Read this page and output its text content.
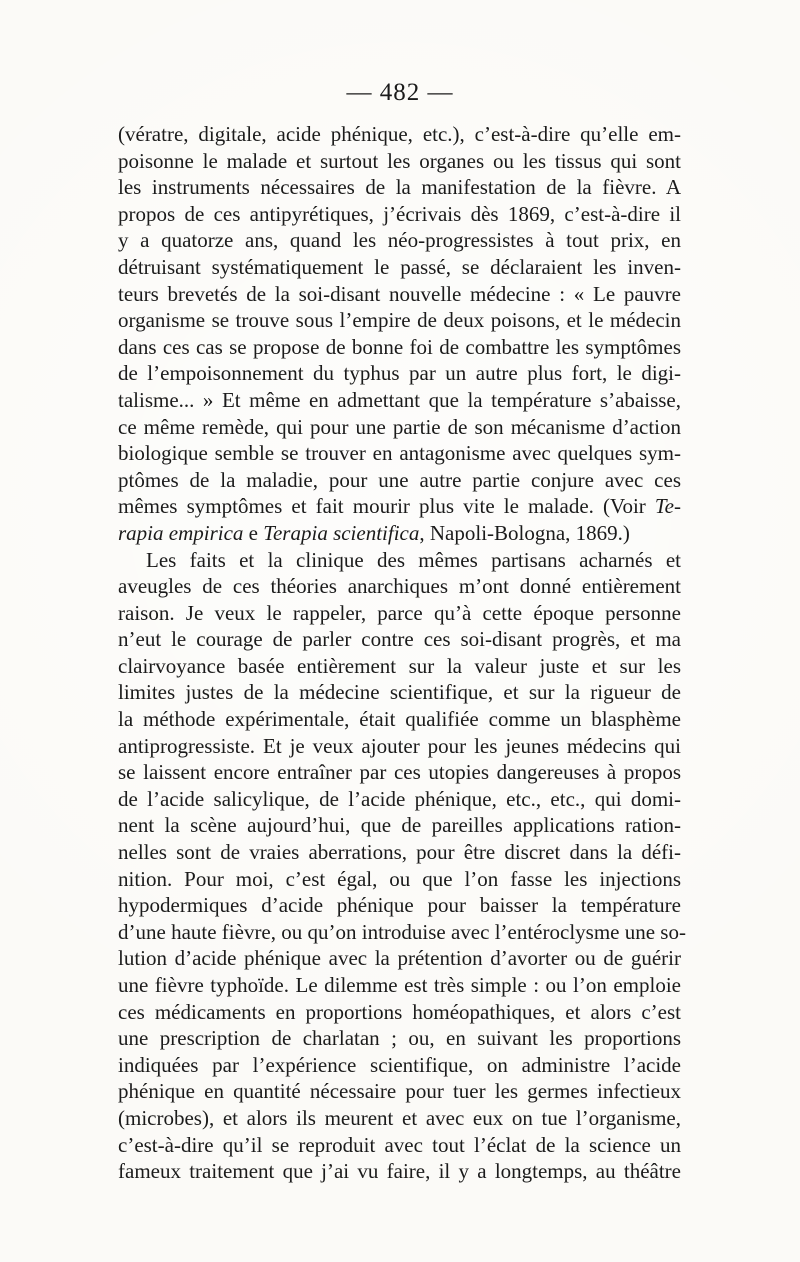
— 482 —
(vératre, digitale, acide phénique, etc.), c’est-à-dire qu’elle em-
poisonne le malade et surtout les organes ou les tissus qui sont
les instruments nécessaires de la manifestation de la fièvre. A
propos de ces antipyrétiques, j’écrivais dès 1869, c’est-à-dire il
y a quatorze ans, quand les néo-progressistes à tout prix, en
détruisant systématiquement le passé, se déclaraient les inven-
teurs brevetés de la soi-disant nouvelle médecine : « Le pauvre
organisme se trouve sous l’empire de deux poisons, et le médecin
dans ces cas se propose de bonne foi de combattre les symptômes
de l’empoisonnement du typhus par un autre plus fort, le digi-
talisme... » Et même en admettant que la température s’abaisse,
ce même remède, qui pour une partie de son mécanisme d’action
biologique semble se trouver en antagonisme avec quelques sym-
ptômes de la maladie, pour une autre partie conjure avec ces
mêmes symptômes et fait mourir plus vite le malade. (Voir Te-
rapia empirica e Terapia scientifica, Napoli-Bologna, 1869.)
Les faits et la clinique des mêmes partisans acharnés et
aveugles de ces théories anarchiques m’ont donné entièrement
raison. Je veux le rappeler, parce qu’à cette époque personne
n’eut le courage de parler contre ces soi-disant progrès, et ma
clairvoyance basée entièrement sur la valeur juste et sur les
limites justes de la médecine scientifique, et sur la rigueur de
la méthode expérimentale, était qualifiée comme un blasphème
antiprogressiste. Et je veux ajouter pour les jeunes médecins qui
se laissent encore entraîner par ces utopies dangereuses à propos
de l’acide salicylique, de l’acide phénique, etc., etc., qui domi-
nent la scène aujourd’hui, que de pareilles applications ration-
nelles sont de vraies aberrations, pour être discret dans la défi-
nition. Pour moi, c’est égal, ou que l’on fasse les injections
hypodermiques d’acide phénique pour baisser la température
d’une haute fièvre, ou qu’on introduise avec l’entéroclysme une so-
lution d’acide phénique avec la prétention d’avorter ou de guérir
une fièvre typhoïde. Le dilemme est très simple : ou l’on emploie
ces médicaments en proportions homéopathiques, et alors c’est
une prescription de charlatan ; ou, en suivant les proportions
indiquées par l’expérience scientifique, on administre l’acide
phénique en quantité nécessaire pour tuer les germes infectieux
(microbes), et alors ils meurent et avec eux on tue l’organisme,
c’est-à-dire qu’il se reproduit avec tout l’éclat de la science un
fameux traitement que j’ai vu faire, il y a longtemps, au théâtre
